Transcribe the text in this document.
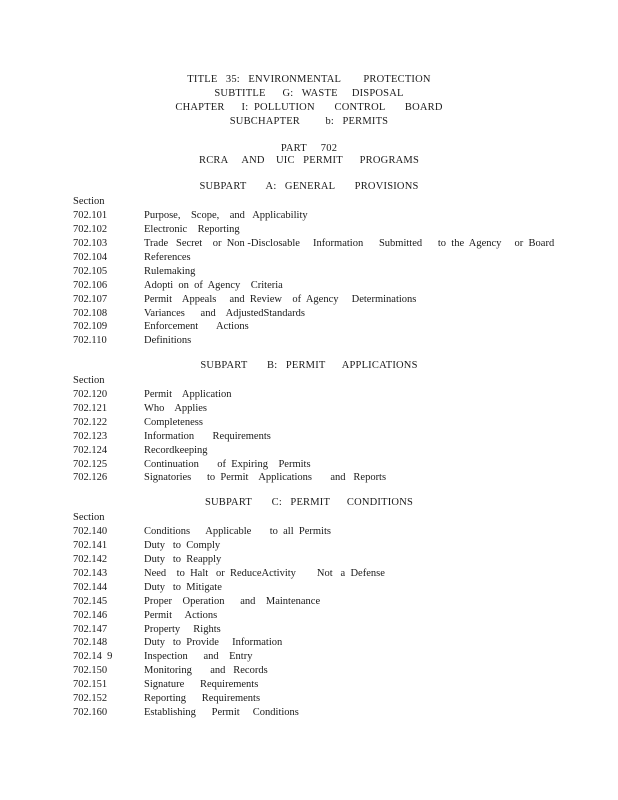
TITLE   35:   ENVIRONMENTAL        PROTECTION
SUBTITLE      G:   WASTE     DISPOSAL
CHAPTER      I:  POLLUTION       CONTROL       BOARD
SUBCHAPTER         b:   PERMITS
PART     702
RCRA     AND    UIC   PERMIT      PROGRAMS
SUBPART       A:   GENERAL       PROVISIONS
Section
702.101	Purpose,    Scope,    and   Applicability
702.102	Electronic    Reporting
702.103	Trade   Secret    or  Non -Disclosable     Information      Submitted      to  the  Agency     or  Board
702.104	References
702.105	Rulemaking
702.106	Adopti  on  of  Agency    Criteria
702.107	Permit    Appeals     and  Review    of  Agency     Determinations
702.108	Variances      and    AdjustedStandards
702.109	Enforcement       Actions
702.110	Definitions
SUBPART       B:   PERMIT      APPLICATIONS
Section
702.120	Permit    Application
702.121	Who    Applies
702.122	Completeness
702.123	Information       Requirements
702.124	Recordkeeping
702.125	Continuation       of  Expiring    Permits
702.126	Signatories      to  Permit    Applications       and   Reports
SUBPART       C:   PERMIT      CONDITIONS
Section
702.140	Conditions      Applicable       to  all  Permits
702.141	Duty   to  Comply
702.142	Duty   to  Reapply
702.143	Need    to  Halt   or  ReduceActivity        Not   a  Defense
702.144	Duty   to  Mitigate
702.145	Proper    Operation      and    Maintenance
702.146	Permit     Actions
702.147	Property     Rights
702.148	Duty   to  Provide     Information
702.14  9	Inspection      and    Entry
702.150	Monitoring       and   Records
702.151	Signature      Requirements
702.152	Reporting      Requirements
702.160	Establishing      Permit     Conditions
